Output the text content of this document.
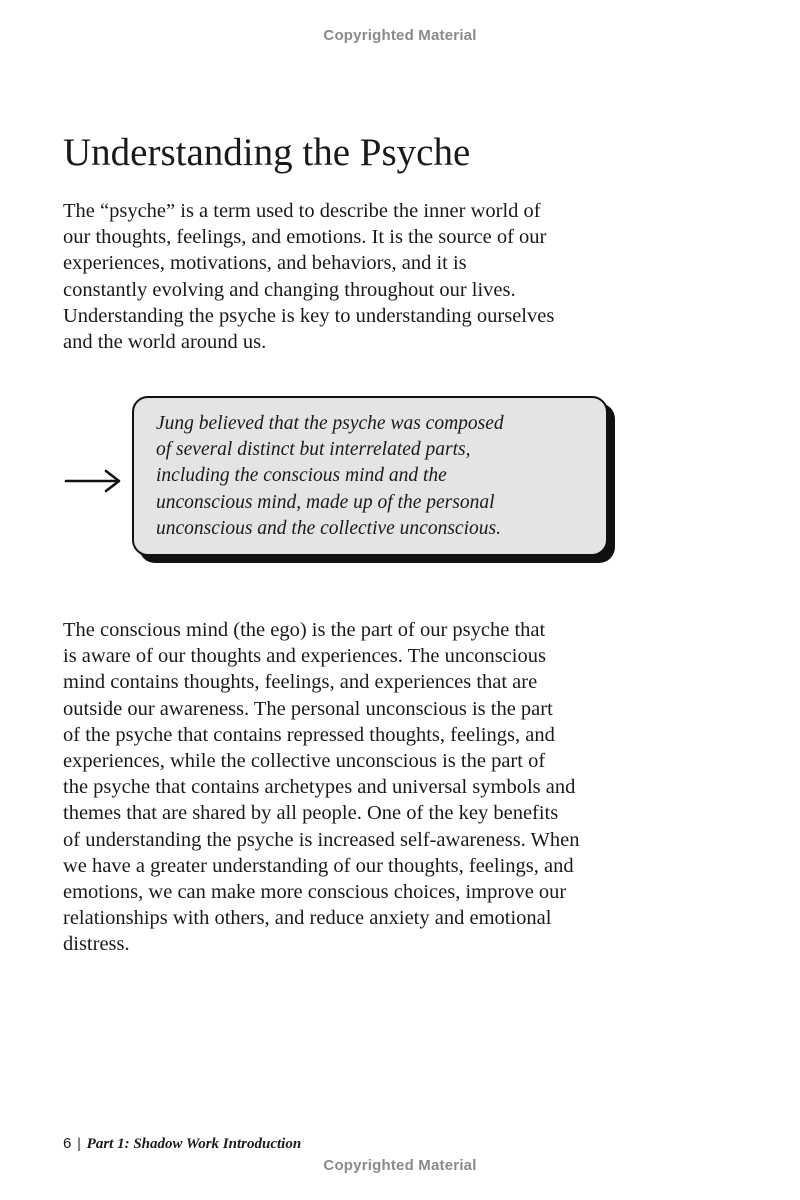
Copyrighted Material
Understanding the Psyche
The “psyche” is a term used to describe the inner world of
our thoughts, feelings, and emotions. It is the source of our
experiences, motivations, and behaviors, and it is
constantly evolving and changing throughout our lives.
Understanding the psyche is key to understanding ourselves
and the world around us.

Jung believed that the psyche was composed
of several distinct but interrelated parts,
including the conscious mind and the
unconscious mind, made up of the personal
unconscious and the collective unconscious.

The conscious mind (the ego) is the part of our psyche that
is aware of our thoughts and experiences. The unconscious
mind contains thoughts, feelings, and experiences that are
outside our awareness. The personal unconscious is the part
of the psyche that contains repressed thoughts, feelings, and
experiences, while the collective unconscious is the part of
the psyche that contains archetypes and universal symbols and
themes that are shared by all people. One of the key benefits
of understanding the psyche is increased self-awareness. When
we have a greater understanding of our thoughts, feelings, and
emotions, we can make more conscious choices, improve our
relationships with others, and reduce anxiety and emotional
distress.
6 | Part 1: Shadow Work Introduction
Copyrighted Material
